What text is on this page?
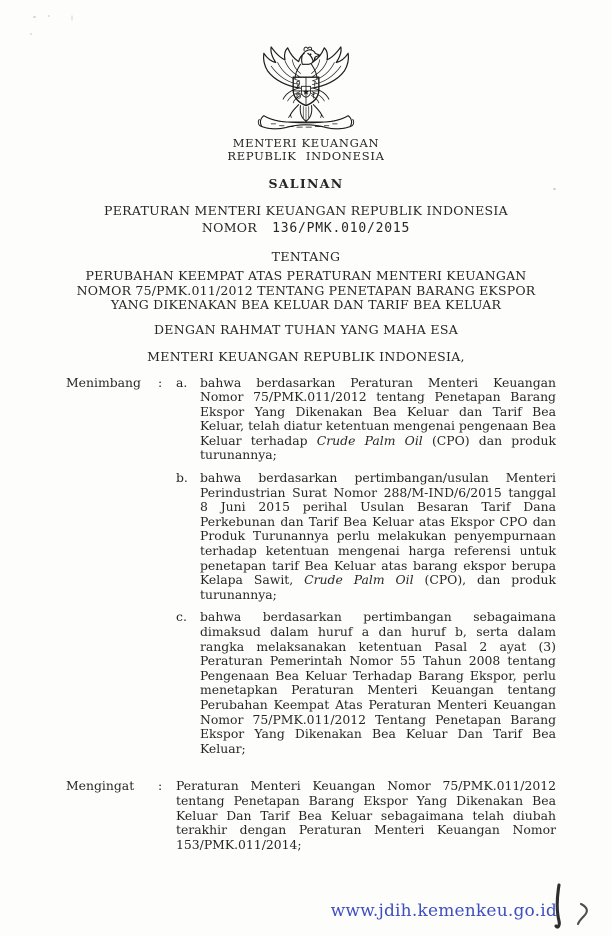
MENTERI KEUANGAN
REPUBLIK INDONESIA
SALINAN
PERATURAN MENTERI KEUANGAN REPUBLIK INDONESIA
NOMOR 136/PMK.010/2015
TENTANG
PERUBAHAN KEEMPAT ATAS PERATURAN MENTERI KEUANGAN
NOMOR 75/PMK.011/2012 TENTANG PENETAPAN BARANG EKSPOR
YANG DIKENAKAN BEA KELUAR DAN TARIF BEA KELUAR
DENGAN RAHMAT TUHAN YANG MAHA ESA
MENTERI KEUANGAN REPUBLIK INDONESIA,
Menimbang	:	a.	bahwa berdasarkan Peraturan Menteri Keuangan Nomor 75/PMK.011/2012 tentang Penetapan Barang Ekspor Yang Dikenakan Bea Keluar dan Tarif Bea Keluar, telah diatur ketentuan mengenai pengenaan Bea Keluar terhadap Crude Palm Oil (CPO) dan produk turunannya;
b. bahwa berdasarkan pertimbangan/usulan Menteri Perindustrian Surat Nomor 288/M-IND/6/2015 tanggal 8 Juni 2015 perihal Usulan Besaran Tarif Dana Perkebunan dan Tarif Bea Keluar atas Ekspor CPO dan Produk Turunannya perlu melakukan penyempurnaan terhadap ketentuan mengenai harga referensi untuk penetapan tarif Bea Keluar atas barang ekspor berupa Kelapa Sawit, Crude Palm Oil (CPO), dan produk turunannya;
c.	bahwa berdasarkan pertimbangan sebagaimana dimaksud dalam huruf a dan huruf b, serta dalam rangka melaksanakan ketentuan Pasal 2 ayat (3) Peraturan Pemerintah Nomor 55 Tahun 2008 tentang Pengenaan Bea Keluar Terhadap Barang Ekspor, perlu menetapkan Peraturan Menteri Keuangan tentang Perubahan Keempat Atas Peraturan Menteri Keuangan Nomor 75/PMK.011/2012 Tentang Penetapan Barang Ekspor Yang Dikenakan Bea Keluar Dan Tarif Bea Keluar;
Mengingat	:	Peraturan Menteri Keuangan Nomor 75/PMK.011/2012 tentang Penetapan Barang Ekspor Yang Dikenakan Bea Keluar Dan Tarif Bea Keluar sebagaimana telah diubah terakhir dengan Peraturan Menteri Keuangan Nomor 153/PMK.011/2014;
www.jdih.kemenkeu.go.id
